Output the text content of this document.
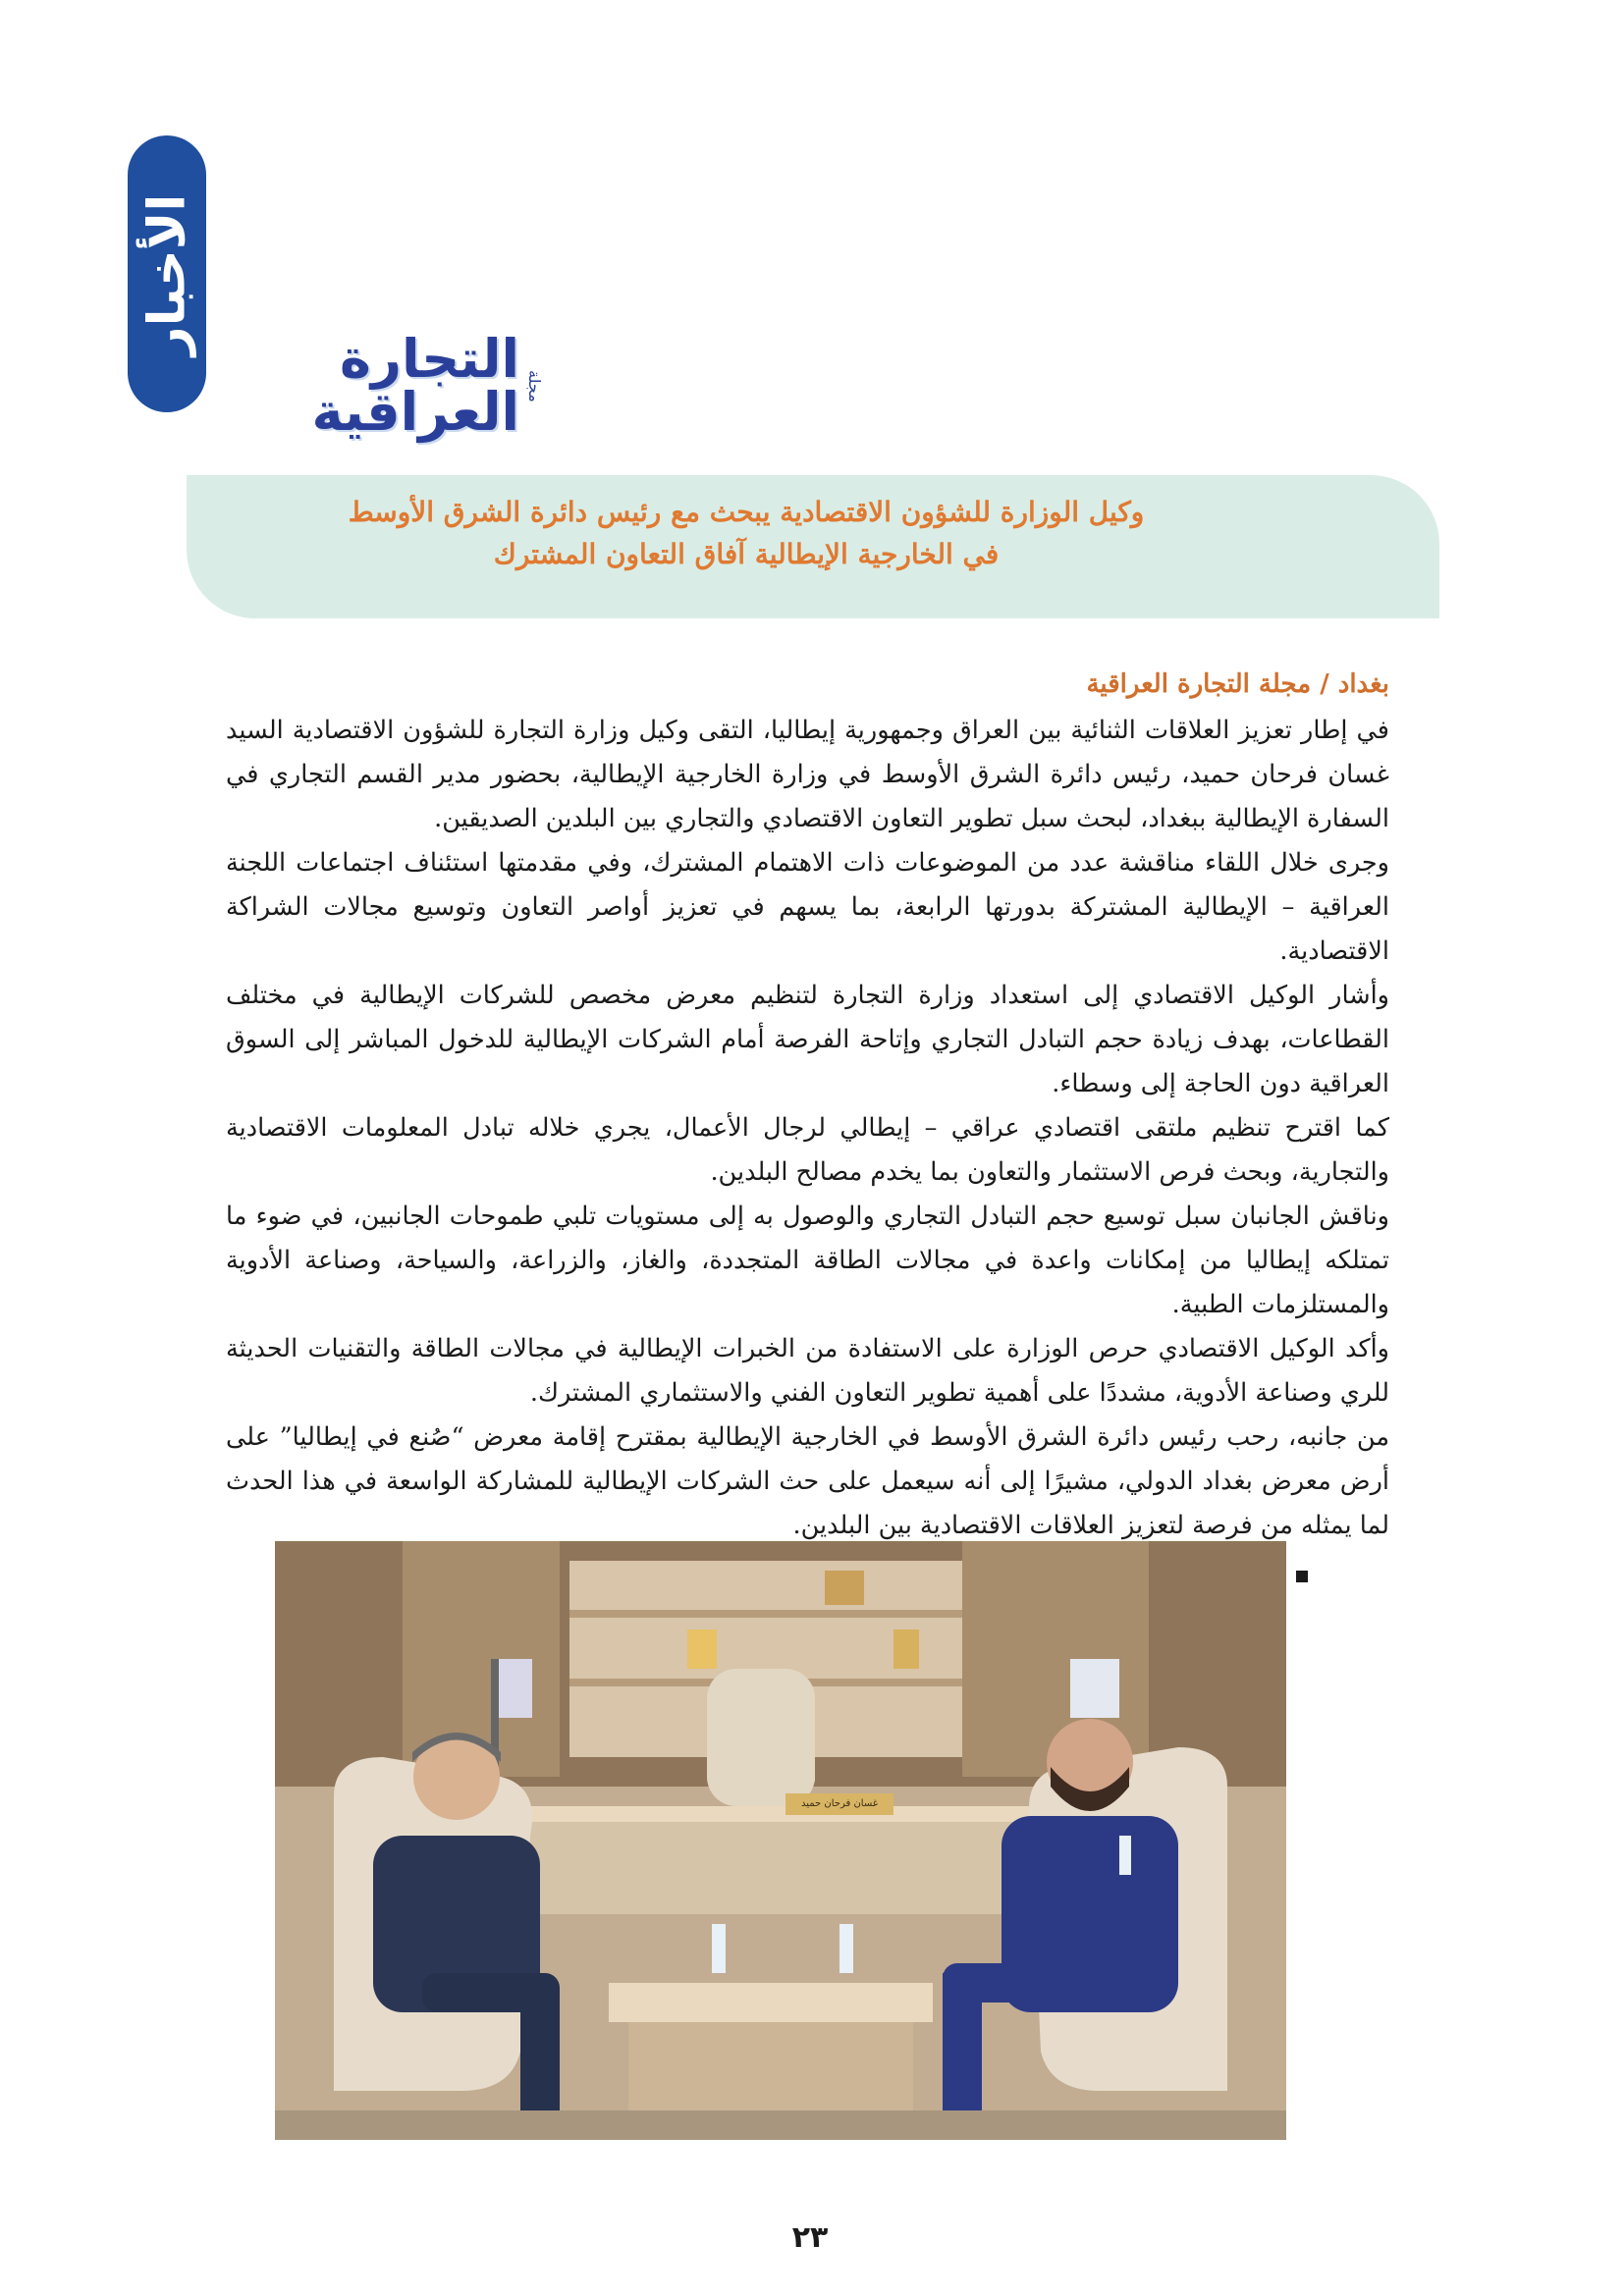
الأخبار
مجلة
التجارة العراقية
وكيل الوزارة للشؤون الاقتصادية يبحث مع رئيس دائرة الشرق الأوسط
في الخارجية الإيطالية آفاق التعاون المشترك
بغداد / مجلة التجارة العراقية

في إطار تعزيز العلاقات الثنائية بين العراق وجمهورية إيطاليا، التقى وكيل وزارة التجارة للشؤون الاقتصادية السيد غسان فرحان حميد، رئيس دائرة الشرق الأوسط في وزارة الخارجية الإيطالية، بحضور مدير القسم التجاري في السفارة الإيطالية ببغداد، لبحث سبل تطوير التعاون الاقتصادي والتجاري بين البلدين الصديقين.

وجرى خلال اللقاء مناقشة عدد من الموضوعات ذات الاهتمام المشترك، وفي مقدمتها استئناف اجتماعات اللجنة العراقية – الإيطالية المشتركة بدورتها الرابعة، بما يسهم في تعزيز أواصر التعاون وتوسيع مجالات الشراكة الاقتصادية.

وأشار الوكيل الاقتصادي إلى استعداد وزارة التجارة لتنظيم معرض مخصص للشركات الإيطالية في مختلف القطاعات، بهدف زيادة حجم التبادل التجاري وإتاحة الفرصة أمام الشركات الإيطالية للدخول المباشر إلى السوق العراقية دون الحاجة إلى وسطاء.

كما اقترح تنظيم ملتقى اقتصادي عراقي – إيطالي لرجال الأعمال، يجري خلاله تبادل المعلومات الاقتصادية والتجارية، وبحث فرص الاستثمار والتعاون بما يخدم مصالح البلدين.

وناقش الجانبان سبل توسيع حجم التبادل التجاري والوصول به إلى مستويات تلبي طموحات الجانبين، في ضوء ما تمتلكه إيطاليا من إمكانات واعدة في مجالات الطاقة المتجددة، والغاز، والزراعة، والسياحة، وصناعة الأدوية والمستلزمات الطبية.

وأكد الوكيل الاقتصادي حرص الوزارة على الاستفادة من الخبرات الإيطالية في مجالات الطاقة والتقنيات الحديثة للري وصناعة الأدوية، مشددًا على أهمية تطوير التعاون الفني والاستثماري المشترك.

من جانبه، رحب رئيس دائرة الشرق الأوسط في الخارجية الإيطالية بمقترح إقامة معرض “صُنع في إيطاليا” على أرض معرض بغداد الدولي، مشيرًا إلى أنه سيعمل على حث الشركات الإيطالية للمشاركة الواسعة في هذا الحدث لما يمثله من فرصة لتعزيز العلاقات الاقتصادية بين البلدين.

غسان فرحان حميد
٢٣
